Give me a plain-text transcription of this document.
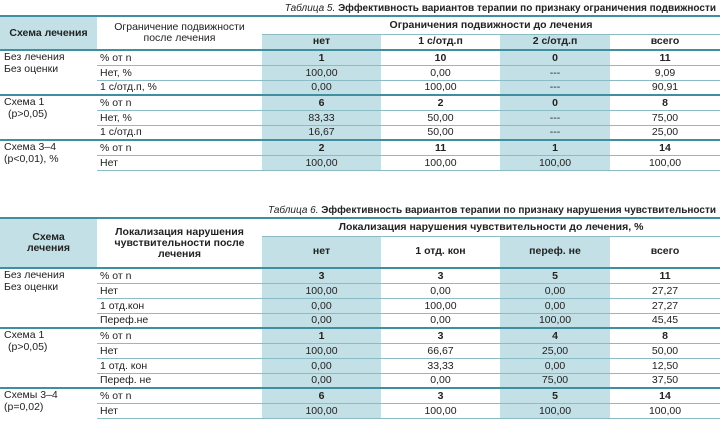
Таблица 5. Эффективность вариантов терапии по признаку ограничения подвижности
Схема лечения	Ограничение подвижности после лечения	Ограничения подвижности до лечения			
		нет	1 с/отд.п	2 с/отд.п	всего

Без лечения
Без оценки	% от n	1	10	0	11
	Нет, %	100,00	0,00	---	9,09
	1 с/отд.п, %	0,00	100,00	---	90,91

Схема 1
(p>0,05)	% от n	6	2	0	8
	Нет, %	83,33	50,00	---	75,00
	1 с/отд.п	16,67	50,00	---	25,00

Схема 3–4
(p<0,01), %	% от n	2	11	1	14
	Нет	100,00	100,00	100,00	100,00
Таблица 6. Эффективность вариантов терапии по признаку нарушения чувствительности
Схема лечения	Локализация нарушения чувствительности после лечения	Локализация нарушения чувствительности до лечения, %			
		нет	1 отд. кон	переф. не	всего

Без лечения
Без оценки	% от n	3	3	5	11
	Нет	100,00	0,00	0,00	27,27
	1 отд.кон	0,00	100,00	0,00	27,27
	Переф.не	0,00	0,00	100,00	45,45

Схема 1
(p>0,05)	% от n	1	3	4	8
	Нет	100,00	66,67	25,00	50,00
	1 отд. кон	0,00	33,33	0,00	12,50
	Переф. не	0,00	0,00	75,00	37,50

Схемы 3–4
(p=0,02)	% от n	6	3	5	14
	Нет	100,00	100,00	100,00	100,00
